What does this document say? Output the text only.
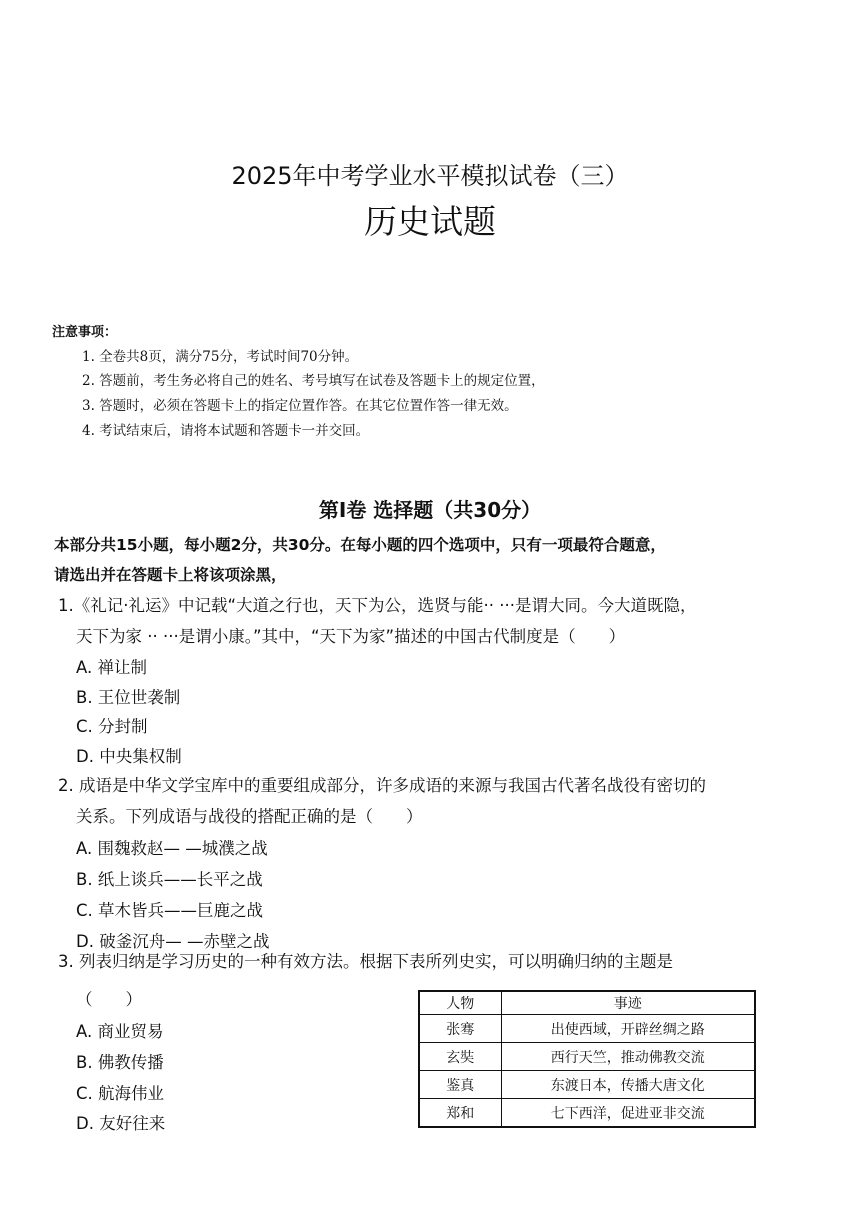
2025年中考学业水平模拟试卷（三）
历史试题
注意事项：
1. 全卷共8页，满分75分，考试时间70分钟。
2. 答题前，考生务必将自己的姓名、考号填写在试卷及答题卡上的规定位置，
3. 答题时，必须在答题卡上的指定位置作答。在其它位置作答一律无效。
4. 考试结束后，请将本试题和答题卡一并交回。
第Ⅰ卷 选择题（共30分）
本部分共15小题，每小题2分，共30分。在每小题的四个选项中，只有一项最符合题意，
请选出并在答题卡上将该项涂黑，
1.《礼记·礼运》中记载“大道之行也，天下为公，选贤与能·· ···是谓大同。今大道既隐，
天下为家 ·· ···是谓小康。”其中，“天下为家”描述的中国古代制度是（　　）
A. 禅让制
B. 王位世袭制
C. 分封制
D. 中央集权制
2. 成语是中华文学宝库中的重要组成部分，许多成语的来源与我国古代著名战役有密切的
关系。下列成语与战役的搭配正确的是（　　）
A. 围魏救赵— —城濮之战
B. 纸上谈兵——长平之战
C. 草木皆兵——巨鹿之战
D. 破釜沉舟— —赤壁之战
3. 列表归纳是学习历史的一种有效方法。根据下表所列史实，可以明确归纳的主题是
（　　）
A. 商业贸易
B. 佛教传播
C. 航海伟业
D. 友好往来
人物	事迹
张骞	出使西域，开辟丝绸之路
玄奘	西行天竺，推动佛教交流
鉴真	东渡日本，传播大唐文化
郑和	七下西洋，促进亚非交流
